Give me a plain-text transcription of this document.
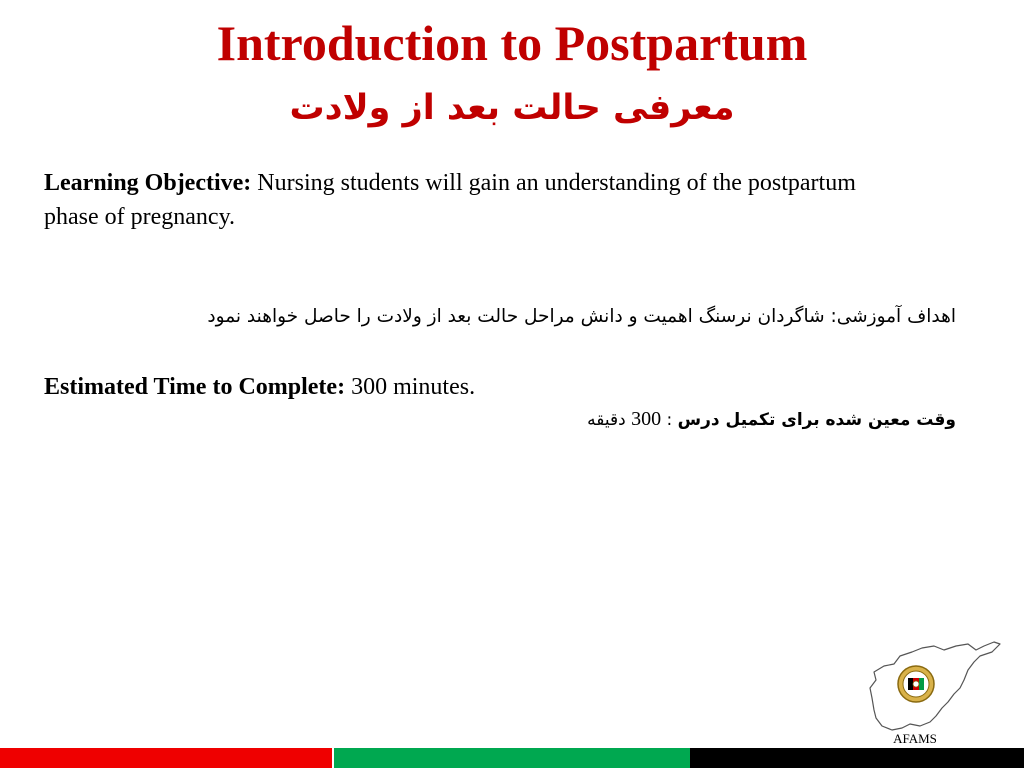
Introduction to Postpartum
معرفی حالت بعد از ولادت
Learning Objective: Nursing students will gain an understanding of the postpartum phase of pregnancy.
اهداف آموزشی: شاگردان نرسنگ اهمیت و دانش مراحل حالت بعد از ولادت را حاصل خواهند نمود
Estimated Time to Complete: 300 minutes.
وقت معین شده برای تکمیل درس : 300 دقیقه
AFAMS
